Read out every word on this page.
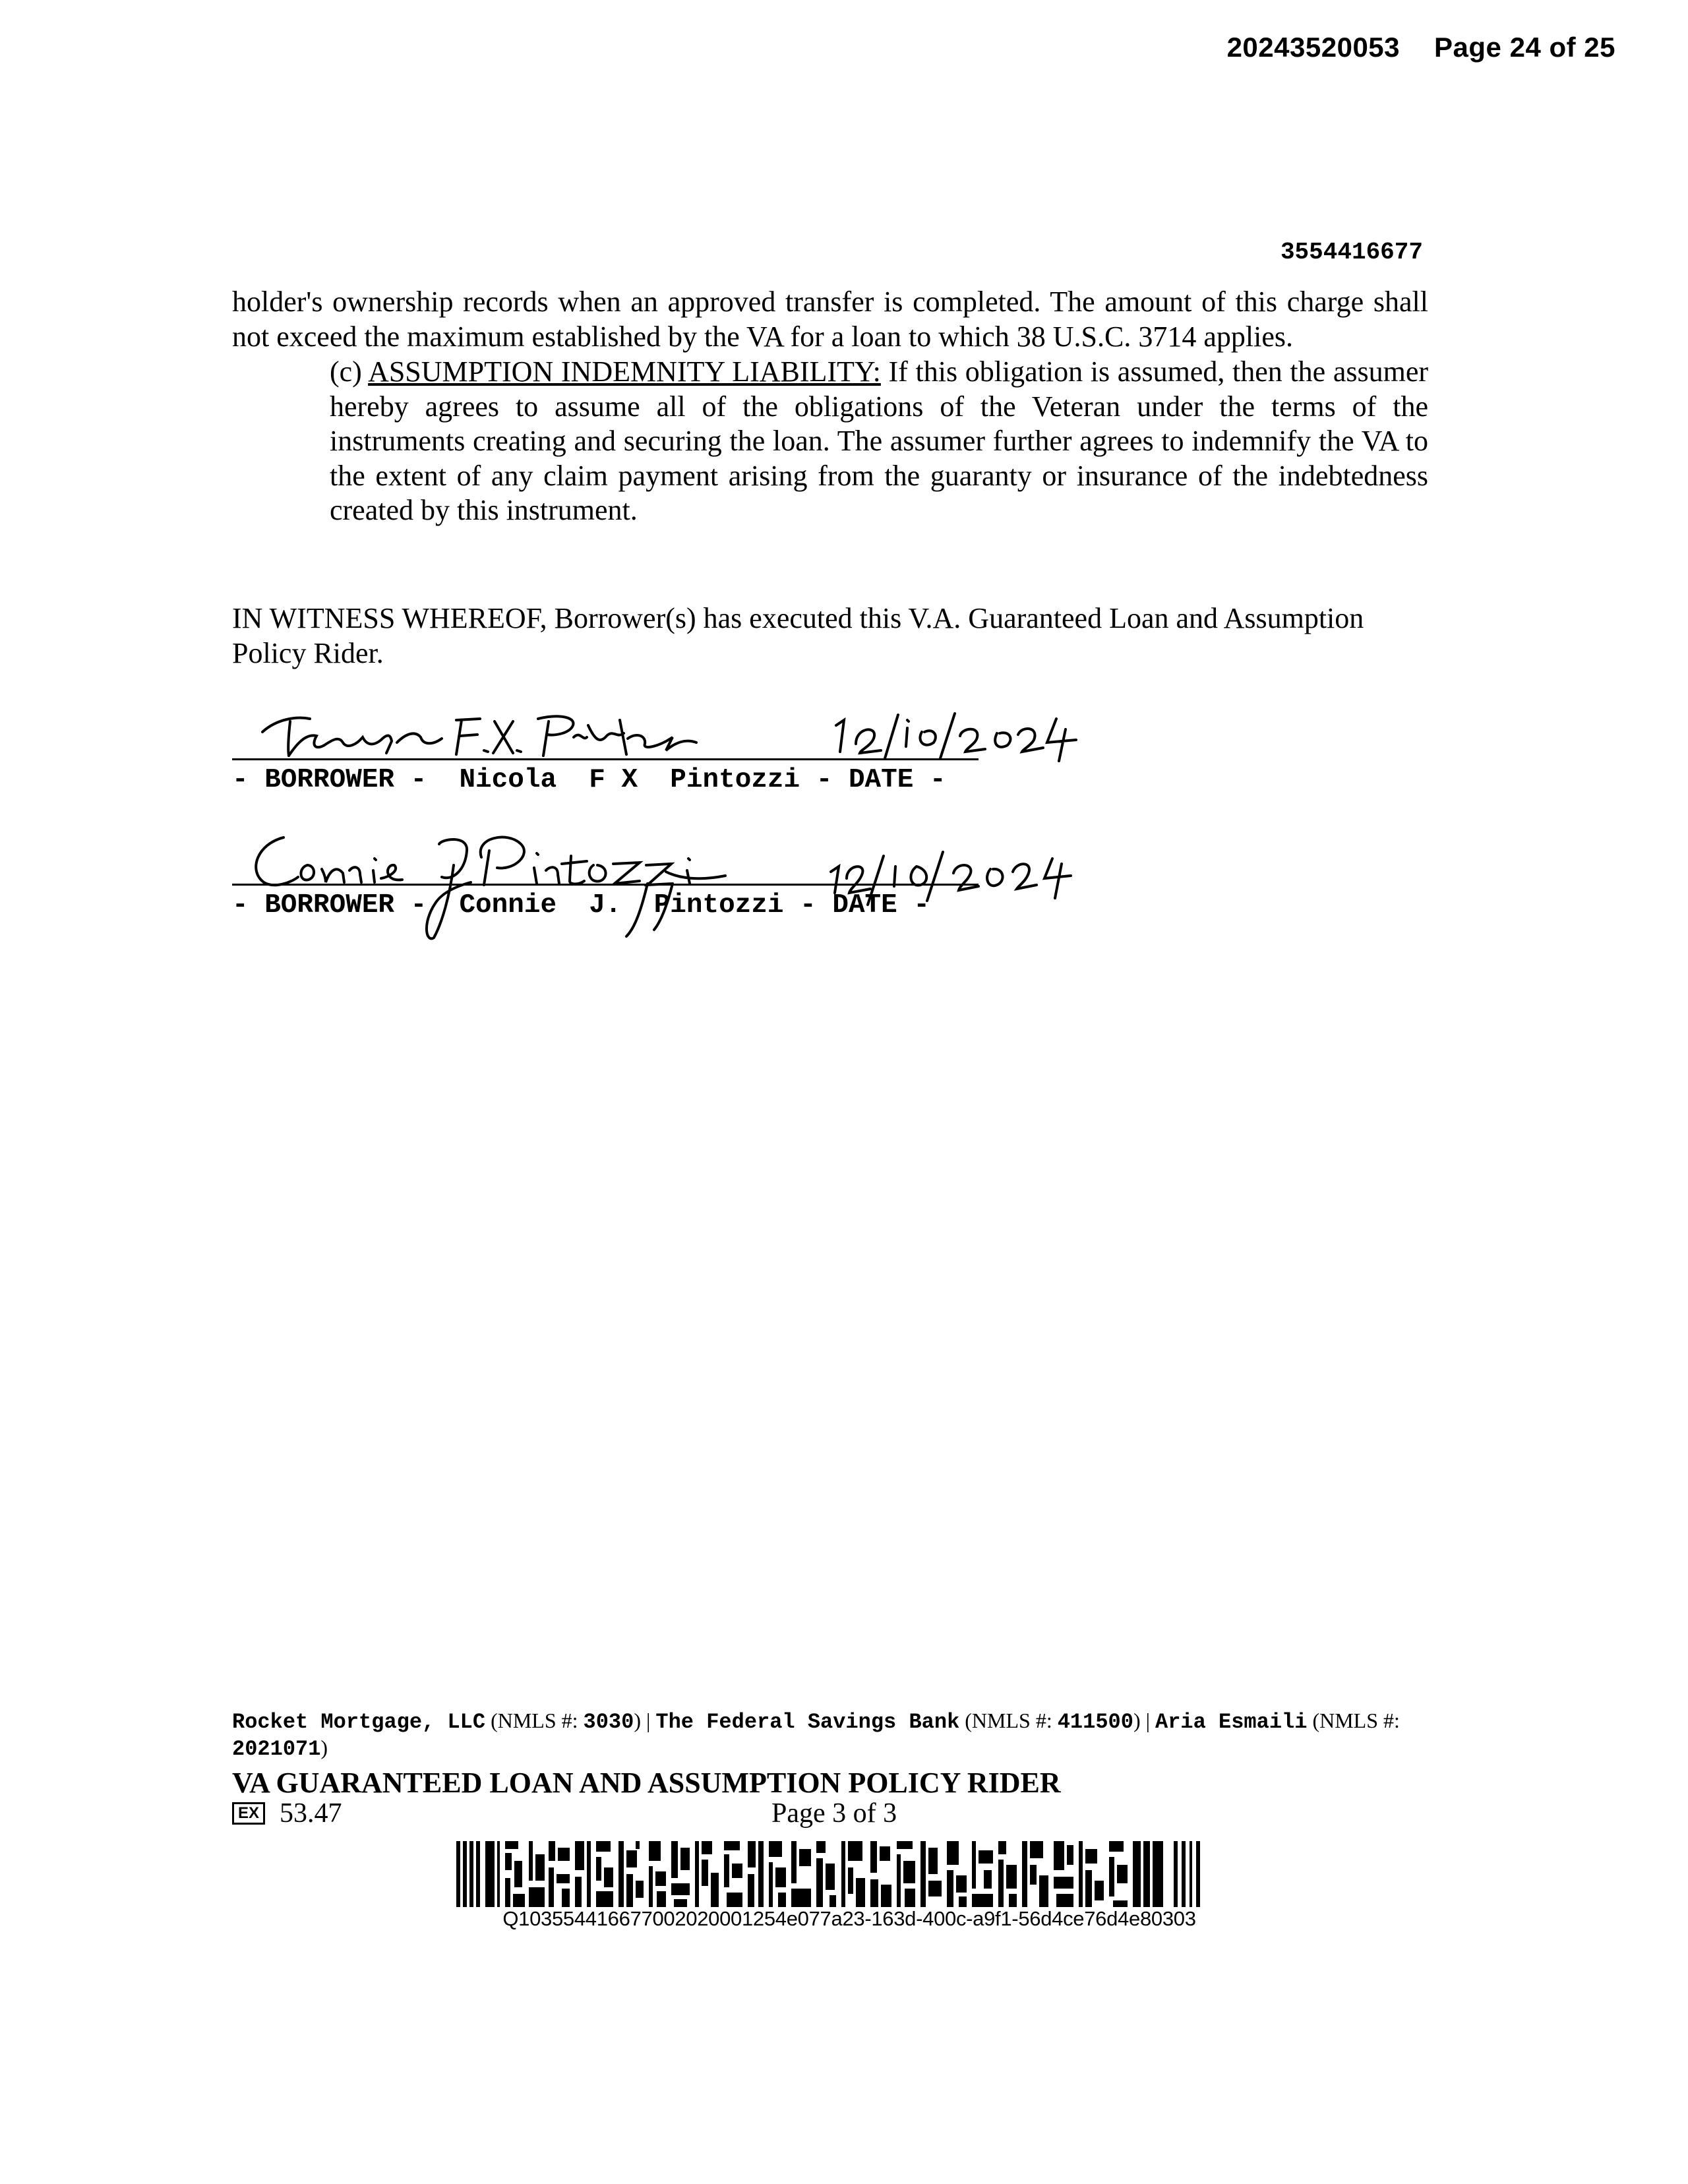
20243520053 Page 24 of 25
3554416677

holder's ownership records when an approved transfer is completed. The amount of this charge shall not exceed the maximum established by the VA for a loan to which 38 U.S.C. 3714 applies.

(c) ASSUMPTION INDEMNITY LIABILITY: If this obligation is assumed, then the assumer hereby agrees to assume all of the obligations of the Veteran under the terms of the instruments creating and securing the loan. The assumer further agrees to indemnify the VA to the extent of any claim payment arising from the guaranty or insurance of the indebtedness created by this instrument.

IN WITNESS WHEREOF, Borrower(s) has executed this V.A. Guaranteed Loan and Assumption Policy Rider.
- BORROWER -  Nicola  F X  Pintozzi - DATE -
- BORROWER -  Connie  J.  Pintozzi - DATE -
Rocket Mortgage, LLC (NMLS #: 3030) | The Federal Savings Bank (NMLS #: 411500) | Aria Esmaili (NMLS #: 2021071)
VA GUARANTEED LOAN AND ASSUMPTION POLICY RIDER
EX 53.47	Page 3 of 3
Q103554416677002020001254e077a23-163d-400c-a9f1-56d4ce76d4e80303
